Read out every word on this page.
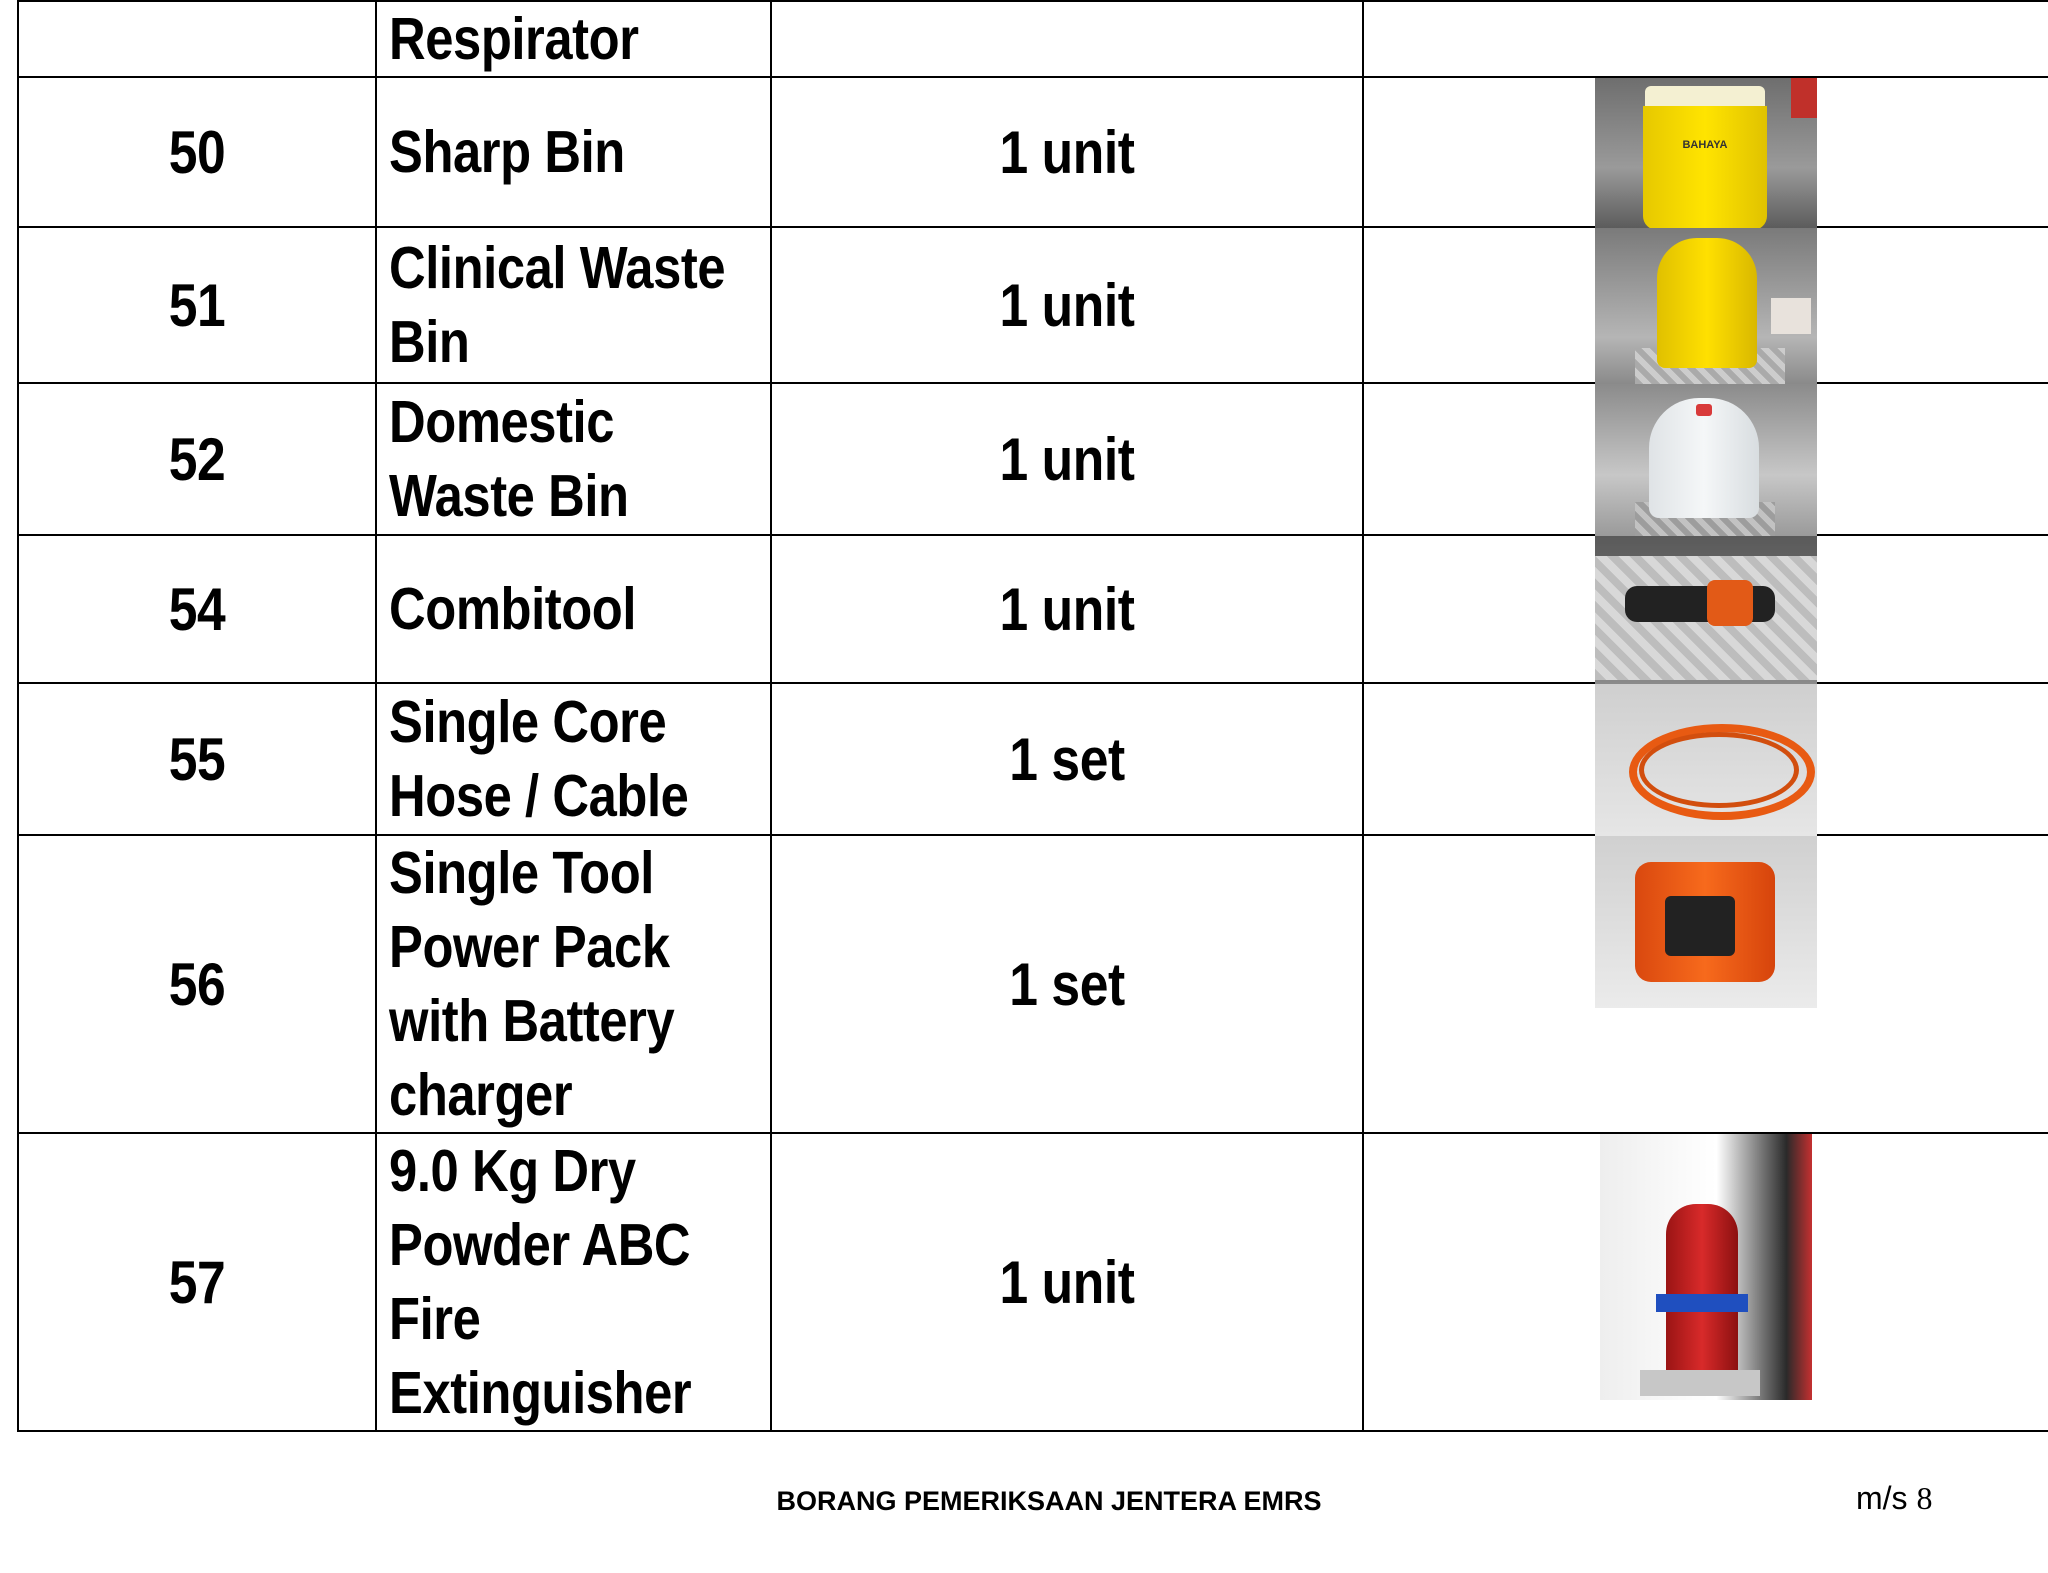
	Respirator		

50	Sharp Bin	1 unit	BAHAYA

51	Clinical Waste
Bin	1 unit	

52	Domestic
Waste Bin	1 unit	

54	Combitool	1 unit	

55	Single Core
Hose / Cable	1 set	

56	Single Tool
Power Pack
with Battery
charger	1 set	

57	9.0 Kg Dry
Powder ABC
Fire
Extinguisher	1 unit	
BORANG PEMERIKSAAN JENTERA EMRS	m/s 8
